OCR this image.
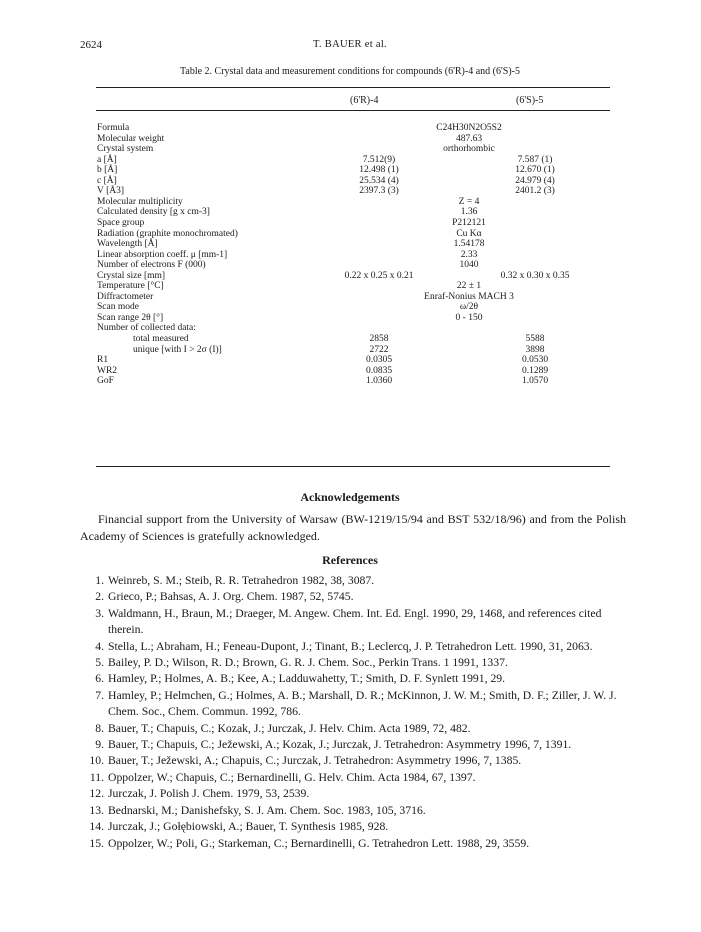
2624	T. BAUER et al.
Table 2. Crystal data and measurement conditions for compounds (6'R)-4 and (6'S)-5
(6'R)-4	(6'S)-5
Formula	C24H30N2O5S2
Molecular weight	487.63
Crystal system	orthorhombic
a [Å]	7.512(9)	7.587 (1)
b [Å]	12.498 (1)	12.670 (1)
c [Å]	25.534 (4)	24.979 (4)
V [Å3]	2397.3 (3)	2401.2 (3)
Molecular multiplicity	Z = 4
Calculated density [g x cm-3]	1.36
Space group	P212121
Radiation (graphite monochromated)	Cu Kα
Wavelength [Å]	1.54178
Linear absorption coeff. μ [mm-1]	2.33
Number of electrons F (000)	1040
Crystal size [mm]	0.22 x 0.25 x 0.21	0.32 x 0.30 x 0.35
Temperature [°C]	22 ± 1
Diffractometer	Enraf-Nonius MACH 3
Scan mode	ω/2θ
Scan range 2θ [°]	0 - 150
Number of collected data:
total measured	2858	5588
unique [with I > 2σ (I)]	2722	3898
R1	0.0305	0.0530
WR2	0.0835	0.1289
GoF	1.0360	1.0570
Acknowledgements
Financial support from the University of Warsaw (BW-1219/15/94 and BST 532/18/96) and from the Polish Academy of Sciences is gratefully acknowledged.
References
1. Weinreb, S. M.; Steib, R. R. Tetrahedron 1982, 38, 3087.
2. Grieco, P.; Bahsas, A. J. Org. Chem. 1987, 52, 5745.
3. Waldmann, H., Braun, M.; Draeger, M. Angew. Chem. Int. Ed. Engl. 1990, 29, 1468, and references cited therein.
4. Stella, L.; Abraham, H.; Feneau-Dupont, J.; Tinant, B.; Leclercq, J. P. Tetrahedron Lett. 1990, 31, 2063.
5. Bailey, P. D.; Wilson, R. D.; Brown, G. R. J. Chem. Soc., Perkin Trans. 1 1991, 1337.
6. Hamley, P.; Holmes, A. B.; Kee, A.; Ladduwahetty, T.; Smith, D. F. Synlett 1991, 29.
7. Hamley, P.; Helmchen, G.; Holmes, A. B.; Marshall, D. R.; McKinnon, J. W. M.; Smith, D. F.; Ziller, J. W. J. Chem. Soc., Chem. Commun. 1992, 786.
8. Bauer, T.; Chapuis, C.; Kozak, J.; Jurczak, J. Helv. Chim. Acta 1989, 72, 482.
9. Bauer, T.; Chapuis, C.; Ježewski, A.; Kozak, J.; Jurczak, J. Tetrahedron: Asymmetry 1996, 7, 1391.
10. Bauer, T.; Ježewski, A.; Chapuis, C.; Jurczak, J. Tetrahedron: Asymmetry 1996, 7, 1385.
11. Oppolzer, W.; Chapuis, C.; Bernardinelli, G. Helv. Chim. Acta 1984, 67, 1397.
12. Jurczak, J. Polish J. Chem. 1979, 53, 2539.
13. Bednarski, M.; Danishefsky, S. J. Am. Chem. Soc. 1983, 105, 3716.
14. Jurczak, J.; Gołębiowski, A.; Bauer, T. Synthesis 1985, 928.
15. Oppolzer, W.; Poli, G.; Starkeman, C.; Bernardinelli, G. Tetrahedron Lett. 1988, 29, 3559.
